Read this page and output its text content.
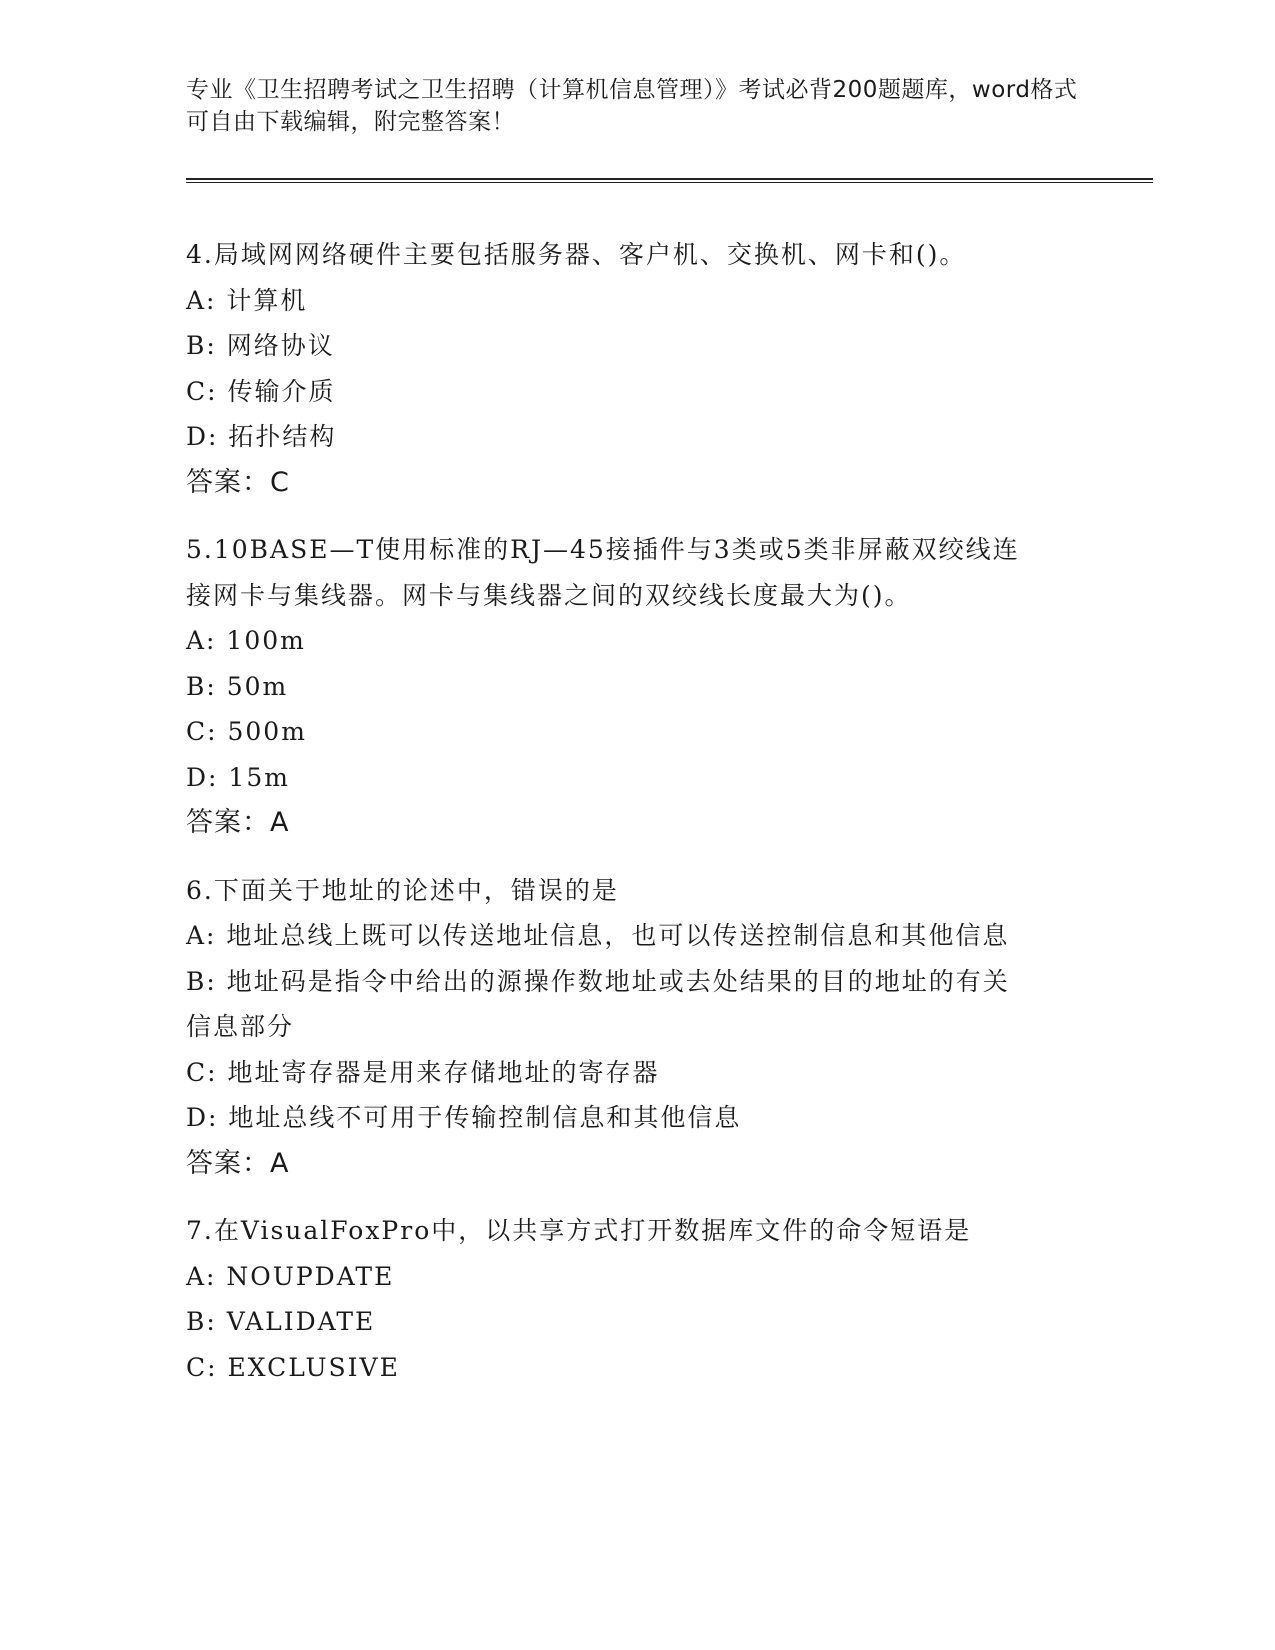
专业《卫生招聘考试之卫生招聘（计算机信息管理）》考试必背200题题库，word格式可自由下载编辑，附完整答案！

4.局域网网络硬件主要包括服务器、客户机、交换机、网卡和()。

A: 计算机

B: 网络协议

C: 传输介质

D: 拓扑结构

答案：C

5.10BASE—T使用标准的RJ—45接插件与3类或5类非屏蔽双绞线连

接网卡与集线器。网卡与集线器之间的双绞线长度最大为()。

A: 100m

B: 50m

C: 500m

D: 15m

答案：A

6.下面关于地址的论述中，错误的是

A: 地址总线上既可以传送地址信息，也可以传送控制信息和其他信息

B: 地址码是指令中给出的源操作数地址或去处结果的目的地址的有关

信息部分

C: 地址寄存器是用来存储地址的寄存器

D: 地址总线不可用于传输控制信息和其他信息

答案：A

7.在VisualFoxPro中，以共享方式打开数据库文件的命令短语是

A: NOUPDATE

B: VALIDATE

C: EXCLUSIVE
